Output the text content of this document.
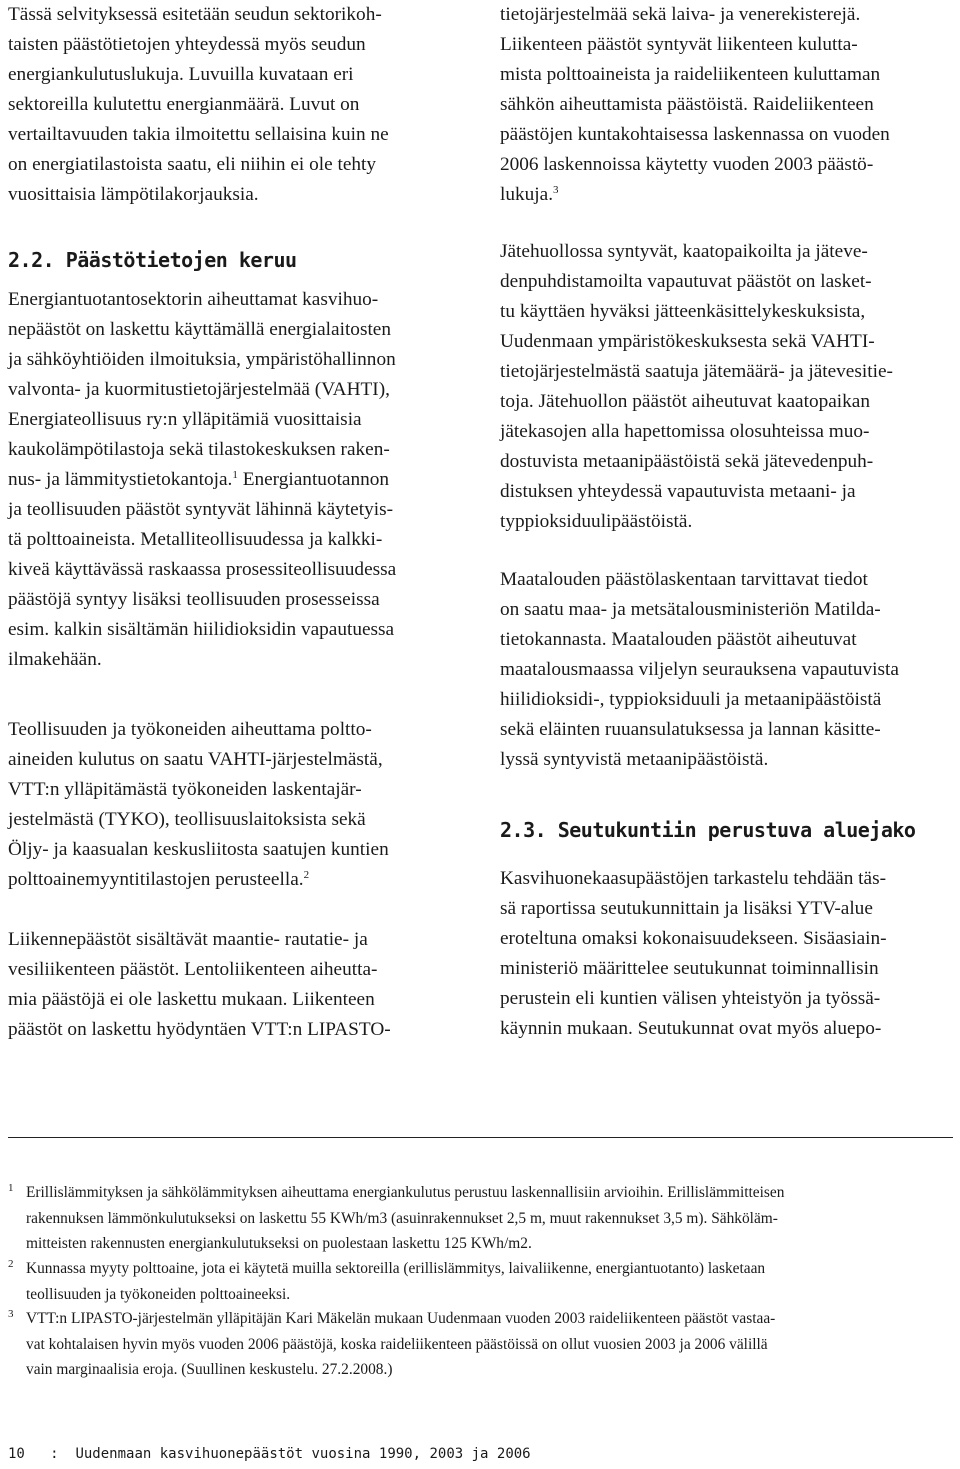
Tässä selvityksessä esitetään seudun sektorikoh-
taisten päästötietojen yhteydessä myös seudun
energiankulutuslukuja. Luvuilla kuvataan eri
sektoreilla kulutettu energianmäärä. Luvut on
vertailtavuuden takia ilmoitettu sellaisina kuin ne
on energiatilastoista saatu, eli niihin ei ole tehty
vuosittaisia lämpötilakorjauksia.

2.2. Päästötietojen keruu

Energiantuotantosektorin aiheuttamat kasvihuo-
nepäästöt on laskettu käyttämällä energialaitosten
ja sähköyhtiöiden ilmoituksia, ympäristöhallinnon
valvonta- ja kuormitustietojärjestelmää (VAHTI),
Energiateollisuus ry:n ylläpitämiä vuosittaisia
kaukolämpötilastoja sekä tilastokeskuksen raken-
nus- ja lämmitystietokantoja.$^1$ Energiantuotannon
ja teollisuuden päästöt syntyvät lähinnä käytetyis-
tä polttoaineista. Metalliteollisuudessa ja kalkki-
kiveä käyttävässä raskaassa prosessiteollisuudessa
päästöjä syntyy lisäksi teollisuuden prosesseissa
esim. kalkin sisältämän hiilidioksidin vapautuessa
ilmakehään.

Teollisuuden ja työkoneiden aiheuttama poltto-
aineiden kulutus on saatu VAHTI-järjestelmästä,
VTT:n ylläpitämästä työkoneiden laskentajär-
jestelmästä (TYKO), teollisuuslaitoksista sekä
Öljy- ja kaasualan keskusliitosta saatujen kuntien
polttoainemyyntitilastojen perusteella.$^2$

Liikennepäästöt sisältävät maantie- rautatie- ja
vesiliikenteen päästöt. Lentoliikenteen aiheutta-
mia päästöjä ei ole laskettu mukaan. Liikenteen
päästöt on laskettu hyödyntäen VTT:n LIPASTO-

tietojärjestelmää sekä laiva- ja venerekisterejä.
Liikenteen päästöt syntyvät liikenteen kulutta-
mista polttoaineista ja raideliikenteen kuluttaman
sähkön aiheuttamista päästöistä. Raideliikenteen
päästöjen kuntakohtaisessa laskennassa on vuoden
2006 laskennoissa käytetty vuoden 2003 päästö-
lukuja.$^3$

Jätehuollossa syntyvät, kaatopaikoilta ja jäteve-
denpuhdistamoilta vapautuvat päästöt on lasket-
tu käyttäen hyväksi jätteenkäsittelykeskuksista,
Uudenmaan ympäristökeskuksesta sekä VAHTI-
tietojärjestelmästä saatuja jätemäärä- ja jätevesitie-
toja. Jätehuollon päästöt aiheutuvat kaatopaikan
jätekasojen alla hapettomissa olosuhteissa muo-
dostuvista metaanipäästöistä sekä jätevedenpuh-
distuksen yhteydessä vapautuvista metaani- ja
typpioksiduulipäästöistä.

Maatalouden päästölaskentaan tarvittavat tiedot
on saatu maa- ja metsätalousministeriön Matilda-
tietokannasta. Maatalouden päästöt aiheutuvat
maatalousmaassa viljelyn seurauksena vapautuvista
hiilidioksidi-, typpioksiduuli ja metaanipäästöistä
sekä eläinten ruuansulatuksessa ja lannan käsitte-
lyssä syntyvistä metaanipäästöistä.

2.3. Seutukuntiin perustuva aluejako

Kasvihuonekaasupäästöjen tarkastelu tehdään täs-
sä raportissa seutukunnittain ja lisäksi YTV-alue
eroteltuna omaksi kokonaisuudekseen. Sisäasiain-
ministeriö määrittelee seutukunnat toiminnallisin
perustein eli kuntien välisen yhteistyön ja työssä-
käynnin mukaan. Seutukunnat ovat myös aluepo-

1 Erillislämmityksen ja sähkölämmityksen aiheuttama energiankulutus perustuu laskennallisiin arvioihin. Erillislämmitteisen
rakennuksen lämmönkulutukseksi on laskettu 55 KWh/m3 (asuinrakennukset 2,5 m, muut rakennukset 3,5 m). Sähköläm-
mitteisten rakennusten energiankulutukseksi on puolestaan laskettu 125 KWh/m2.
2 Kunnassa myyty polttoaine, jota ei käytetä muilla sektoreilla (erillislämmitys, laivaliikenne, energiantuotanto) lasketaan
teollisuuden ja työkoneiden polttoaineeksi.
3 VTT:n LIPASTO-järjestelmän ylläpitäjän Kari Mäkelän mukaan Uudenmaan vuoden 2003 raideliikenteen päästöt vastaa-
vat kohtalaisen hyvin myös vuoden 2006 päästöjä, koska raideliikenteen päästöissä on ollut vuosien 2003 ja 2006 välillä
vain marginaalisia eroja. (Suullinen keskustelu. 27.2.2008.)
10 : Uudenmaan kasvihuonepäästöt vuosina 1990, 2003 ja 2006
